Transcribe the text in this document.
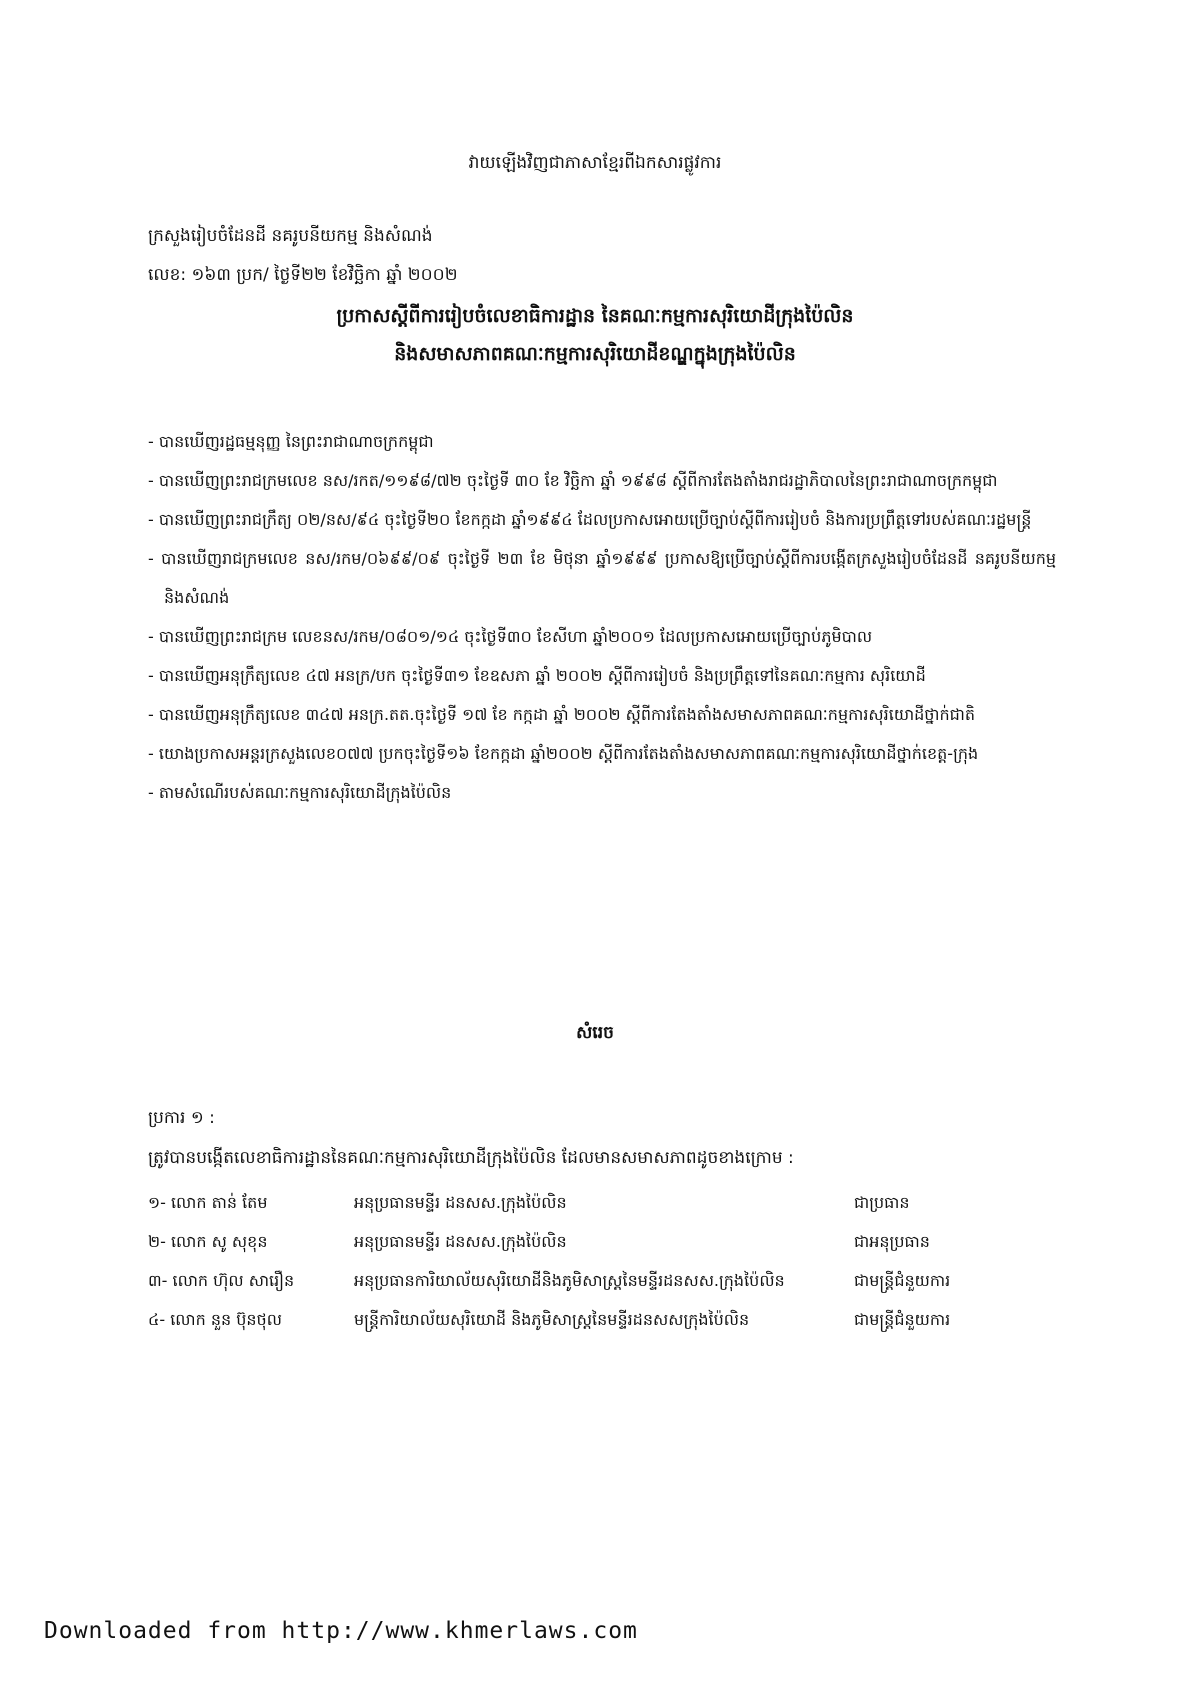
វាយឡើងវិញជាភាសាខ្មែរពីឯកសារផ្លូវការ
ក្រសួងរៀបចំដែនដី នគរូបនីយកម្ម និងសំណង់
លេខ: ១៦៣ ប្រក/ ថ្ងៃទី២២ ខែវិច្ឆិកា ឆ្នាំ ២០០២
ប្រកាសស្តីពីការរៀបចំលេខាធិការដ្ឋាន នៃគណៈកម្មការសុរិយោដីក្រុងប៉ៃលិន
និងសមាសភាពគណៈកម្មការសុរិយោដីខណ្ឌក្នុងក្រុងប៉ៃលិន
- បានឃើញរដ្ឋធម្មនុញ្ញ នៃព្រះរាជាណាចក្រកម្ពុជា
- បានឃើញព្រះរាជក្រមលេខ នស/រកត/១១៩៨/៧២ ចុះថ្ងៃទី ៣០ ខែ វិច្ឆិកា ឆ្នាំ ១៩៩៨ ស្តីពីការតែងតាំងរាជរដ្ឋាភិបាលនៃព្រះរាជាណាចក្រកម្ពុជា
- បានឃើញព្រះរាជក្រឹត្យ ០២/នស/៩៤ ចុះថ្ងៃទី២០ ខែកក្កដា ឆ្នាំ១៩៩៤ ដែលប្រកាសអោយប្រើច្បាប់ស្តីពីការរៀបចំ និងការប្រព្រឹត្តទៅរបស់គណៈរដ្ឋមន្ត្រី
- បានឃើញរាជក្រមលេខ នស/រកម/០៦៩៩/០៩ ចុះថ្ងៃទី ២៣ ខែ មិថុនា ឆ្នាំ១៩៩៩ ប្រកាសឱ្យប្រើច្បាប់ស្តីពីការបង្កើតក្រសួងរៀបចំដែនដី នគរូបនីយកម្ម និងសំណង់
- បានឃើញព្រះរាជក្រម លេខនស/រកម/០៨០១/១៤ ចុះថ្ងៃទី៣០ ខែសីហា ឆ្នាំ២០០១ ដែលប្រកាសអោយប្រើច្បាប់ភូមិបាល
- បានឃើញអនុក្រឹត្យលេខ ៤៧ អនក្រ/បក ចុះថ្ងៃទី៣១ ខែឧសភា ឆ្នាំ ២០០២ ស្តីពីការរៀបចំ និងប្រព្រឹត្តទៅនៃគណៈកម្មការ សុរិយោដី
- បានឃើញអនុក្រឹត្យលេខ ៣៤៧ អនក្រ.តត.ចុះថ្ងៃទី ១៧ ខែ កក្កដា ឆ្នាំ ២០០២ ស្តីពីការតែងតាំងសមាសភាពគណៈកម្មការសុរិយោដីថ្នាក់ជាតិ
- យោងប្រកាសអន្តរក្រសួងលេខ០៧៧ ប្រកចុះថ្ងៃទី១៦ ខែកក្កដា ឆ្នាំ២០០២ ស្តីពីការតែងតាំងសមាសភាពគណៈកម្មការសុរិយោដីថ្នាក់ខេត្ត-ក្រុង
- តាមសំណើរបស់គណៈកម្មការសុរិយោដីក្រុងប៉ៃលិន
សំរេច
ប្រការ ១ :
ត្រូវបានបង្កើតលេខាធិការដ្ឋាននៃគណៈកម្មការសុរិយោដីក្រុងប៉ៃលិន ដែលមានសមាសភាពដូចខាងក្រោម :
១- លោក តាន់ តែម	អនុប្រធានមន្ទីរ ដនសស.ក្រុងប៉ៃលិន	ជាប្រធាន
២- លោក សូ សុខុន	អនុប្រធានមន្ទីរ ដនសស.ក្រុងប៉ៃលិន	ជាអនុប្រធាន
៣- លោក ហ៊ុល សារឿន	អនុប្រធានការិយាល័យសុរិយោដីនិងភូមិសាស្ត្រនៃមន្ទីរដនសស.ក្រុងប៉ៃលិន	ជាមន្ត្រីជំនួយការ
៤- លោក នួន ប៊ុនថុល	មន្ត្រីការិយាល័យសុរិយោដី និងភូមិសាស្ត្រនៃមន្ទីរដនសសក្រុងប៉ៃលិន	ជាមន្ត្រីជំនួយការ
Downloaded from http://www.khmerlaws.com
